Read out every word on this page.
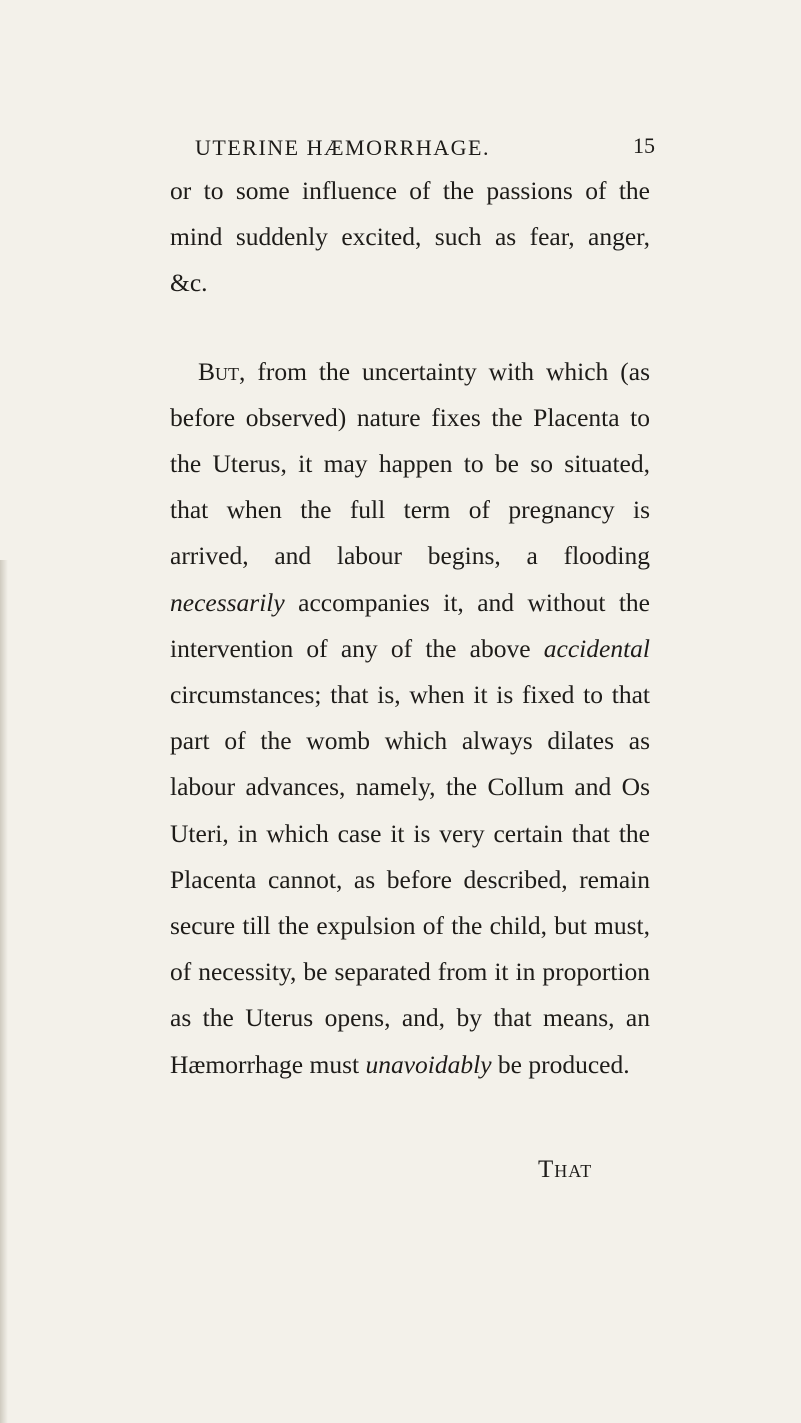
UTERINE HÆMORRHAGE.	15

or to some influence of the passions of the mind suddenly excited, such as fear, anger, &c.

But, from the uncertainty with which (as before observed) nature fixes the Placenta to the Uterus, it may happen to be so situated, that when the full term of pregnancy is arrived, and labour begins, a flooding necessarily accompanies it, and without the intervention of any of the above accidental circumstances; that is, when it is fixed to that part of the womb which always dilates as labour advances, namely, the Collum and Os Uteri, in which case it is very certain that the Placenta cannot, as before described, remain secure till the expulsion of the child, but must, of necessity, be separated from it in proportion as the Uterus opens, and, by that means, an Hæmorrhage must unavoidably be produced.

That
